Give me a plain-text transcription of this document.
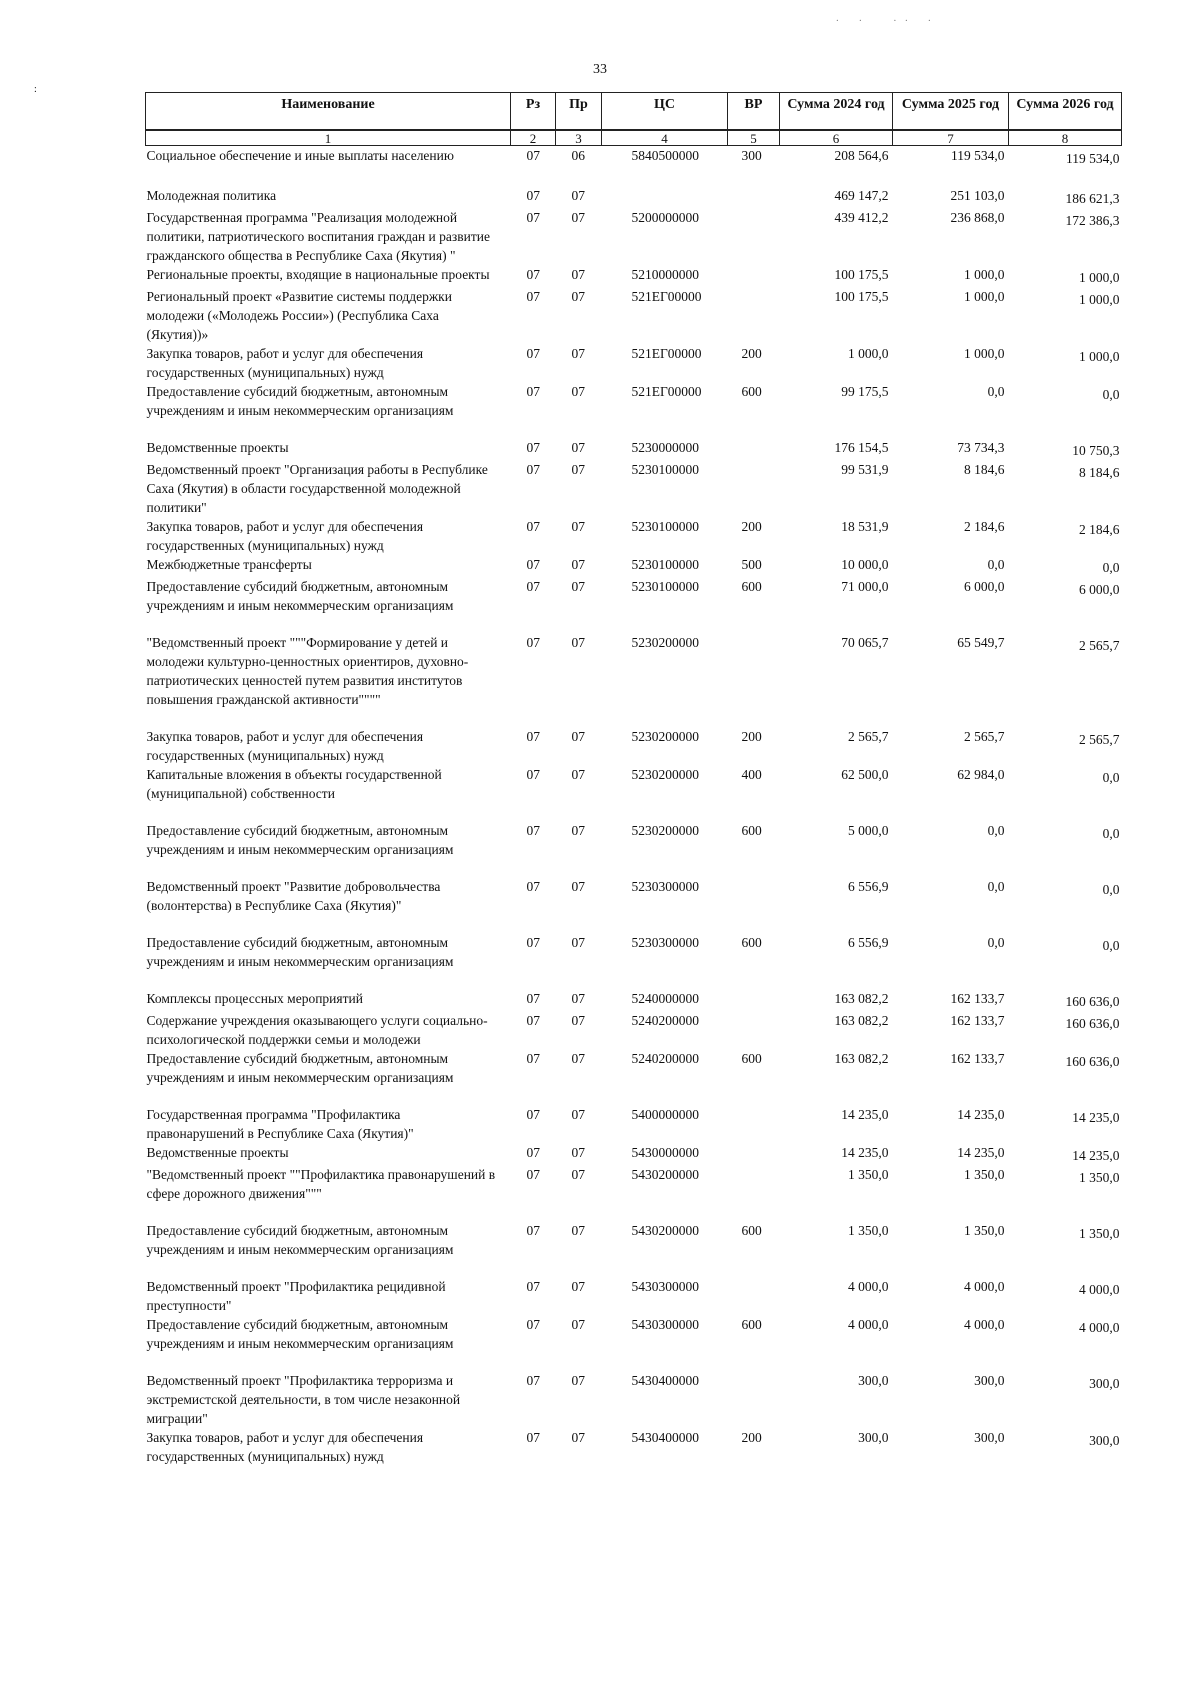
.   .     . .   .
:
33
Наименование	Рз	Пр	ЦС	ВР	Сумма 2024 год	Сумма 2025 год	Сумма 2026 год
1	2	3	4	5	6	7	8
Социальное обеспечение и иные выплаты населению	07	06	5840500000	300	208 564,6	119 534,0	119 534,0
Молодежная политика	07	07			469 147,2	251 103,0	186 621,3
Государственная программа "Реализация молодежной политики, патриотического воспитания граждан и развитие гражданского общества в Республике Саха (Якутия) "	07	07	5200000000		439 412,2	236 868,0	172 386,3
Региональные проекты, входящие в национальные проекты	07	07	5210000000		100 175,5	1 000,0	1 000,0
Региональный проект «Развитие системы поддержки молодежи («Молодежь России») (Республика Саха (Якутия))»	07	07	521ЕГ00000		100 175,5	1 000,0	1 000,0
Закупка товаров, работ и услуг для обеспечения государственных (муниципальных) нужд	07	07	521ЕГ00000	200	1 000,0	1 000,0	1 000,0
Предоставление субсидий бюджетным, автономным учреждениям и иным некоммерческим организациям	07	07	521ЕГ00000	600	99 175,5	0,0	0,0
Ведомственные проекты	07	07	5230000000		176 154,5	73 734,3	10 750,3
Ведомственный проект "Организация работы в Республике Саха (Якутия) в области государственной молодежной политики"	07	07	5230100000		99 531,9	8 184,6	8 184,6
Закупка товаров, работ и услуг для обеспечения государственных (муниципальных) нужд	07	07	5230100000	200	18 531,9	2 184,6	2 184,6
Межбюджетные трансферты	07	07	5230100000	500	10 000,0	0,0	0,0
Предоставление субсидий бюджетным, автономным учреждениям и иным некоммерческим организациям	07	07	5230100000	600	71 000,0	6 000,0	6 000,0
"Ведомственный проект """Формирование у детей и молодежи культурно-ценностных ориентиров, духовно-патриотических ценностей путем развития институтов повышения гражданской активности""""	07	07	5230200000		70 065,7	65 549,7	2 565,7
Закупка товаров, работ и услуг для обеспечения государственных (муниципальных) нужд	07	07	5230200000	200	2 565,7	2 565,7	2 565,7
Капитальные вложения в объекты государственной (муниципальной) собственности	07	07	5230200000	400	62 500,0	62 984,0	0,0
Предоставление субсидий бюджетным, автономным учреждениям и иным некоммерческим организациям	07	07	5230200000	600	5 000,0	0,0	0,0
Ведомственный проект "Развитие добровольчества (волонтерства) в Республике Саха (Якутия)"	07	07	5230300000		6 556,9	0,0	0,0
Предоставление субсидий бюджетным, автономным учреждениям и иным некоммерческим организациям	07	07	5230300000	600	6 556,9	0,0	0,0
Комплексы процессных мероприятий	07	07	5240000000		163 082,2	162 133,7	160 636,0
Содержание учреждения оказывающего услуги социально-психологической поддержки семьи и молодежи	07	07	5240200000		163 082,2	162 133,7	160 636,0
Предоставление субсидий бюджетным, автономным учреждениям и иным некоммерческим организациям	07	07	5240200000	600	163 082,2	162 133,7	160 636,0
Государственная программа "Профилактика правонарушений в Республике Саха (Якутия)"	07	07	5400000000		14 235,0	14 235,0	14 235,0
Ведомственные проекты	07	07	5430000000		14 235,0	14 235,0	14 235,0
"Ведомственный проект ""Профилактика правонарушений в сфере дорожного движения"""	07	07	5430200000		1 350,0	1 350,0	1 350,0
Предоставление субсидий бюджетным, автономным учреждениям и иным некоммерческим организациям	07	07	5430200000	600	1 350,0	1 350,0	1 350,0
Ведомственный проект "Профилактика рецидивной преступности"	07	07	5430300000		4 000,0	4 000,0	4 000,0
Предоставление субсидий бюджетным, автономным учреждениям и иным некоммерческим организациям	07	07	5430300000	600	4 000,0	4 000,0	4 000,0
Ведомственный проект "Профилактика терроризма и экстремистской деятельности, в том числе незаконной миграции"	07	07	5430400000		300,0	300,0	300,0
Закупка товаров, работ и услуг для обеспечения государственных (муниципальных) нужд	07	07	5430400000	200	300,0	300,0	300,0
